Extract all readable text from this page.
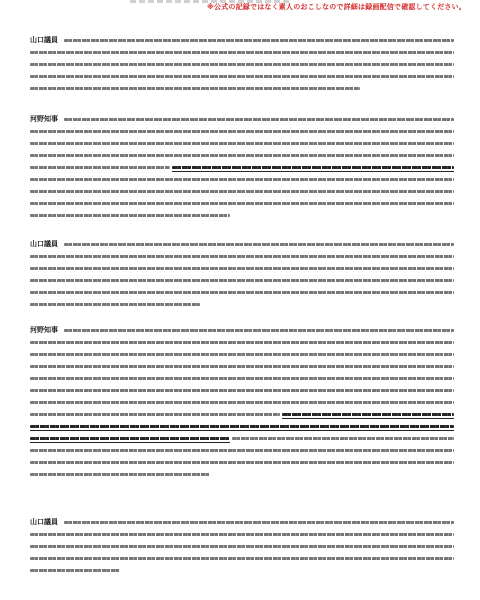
※公式の記録ではなく素人のおこしなので詳細は録画配信で確認してください。
山口議員
河野知事
山口議員
河野知事
山口議員
